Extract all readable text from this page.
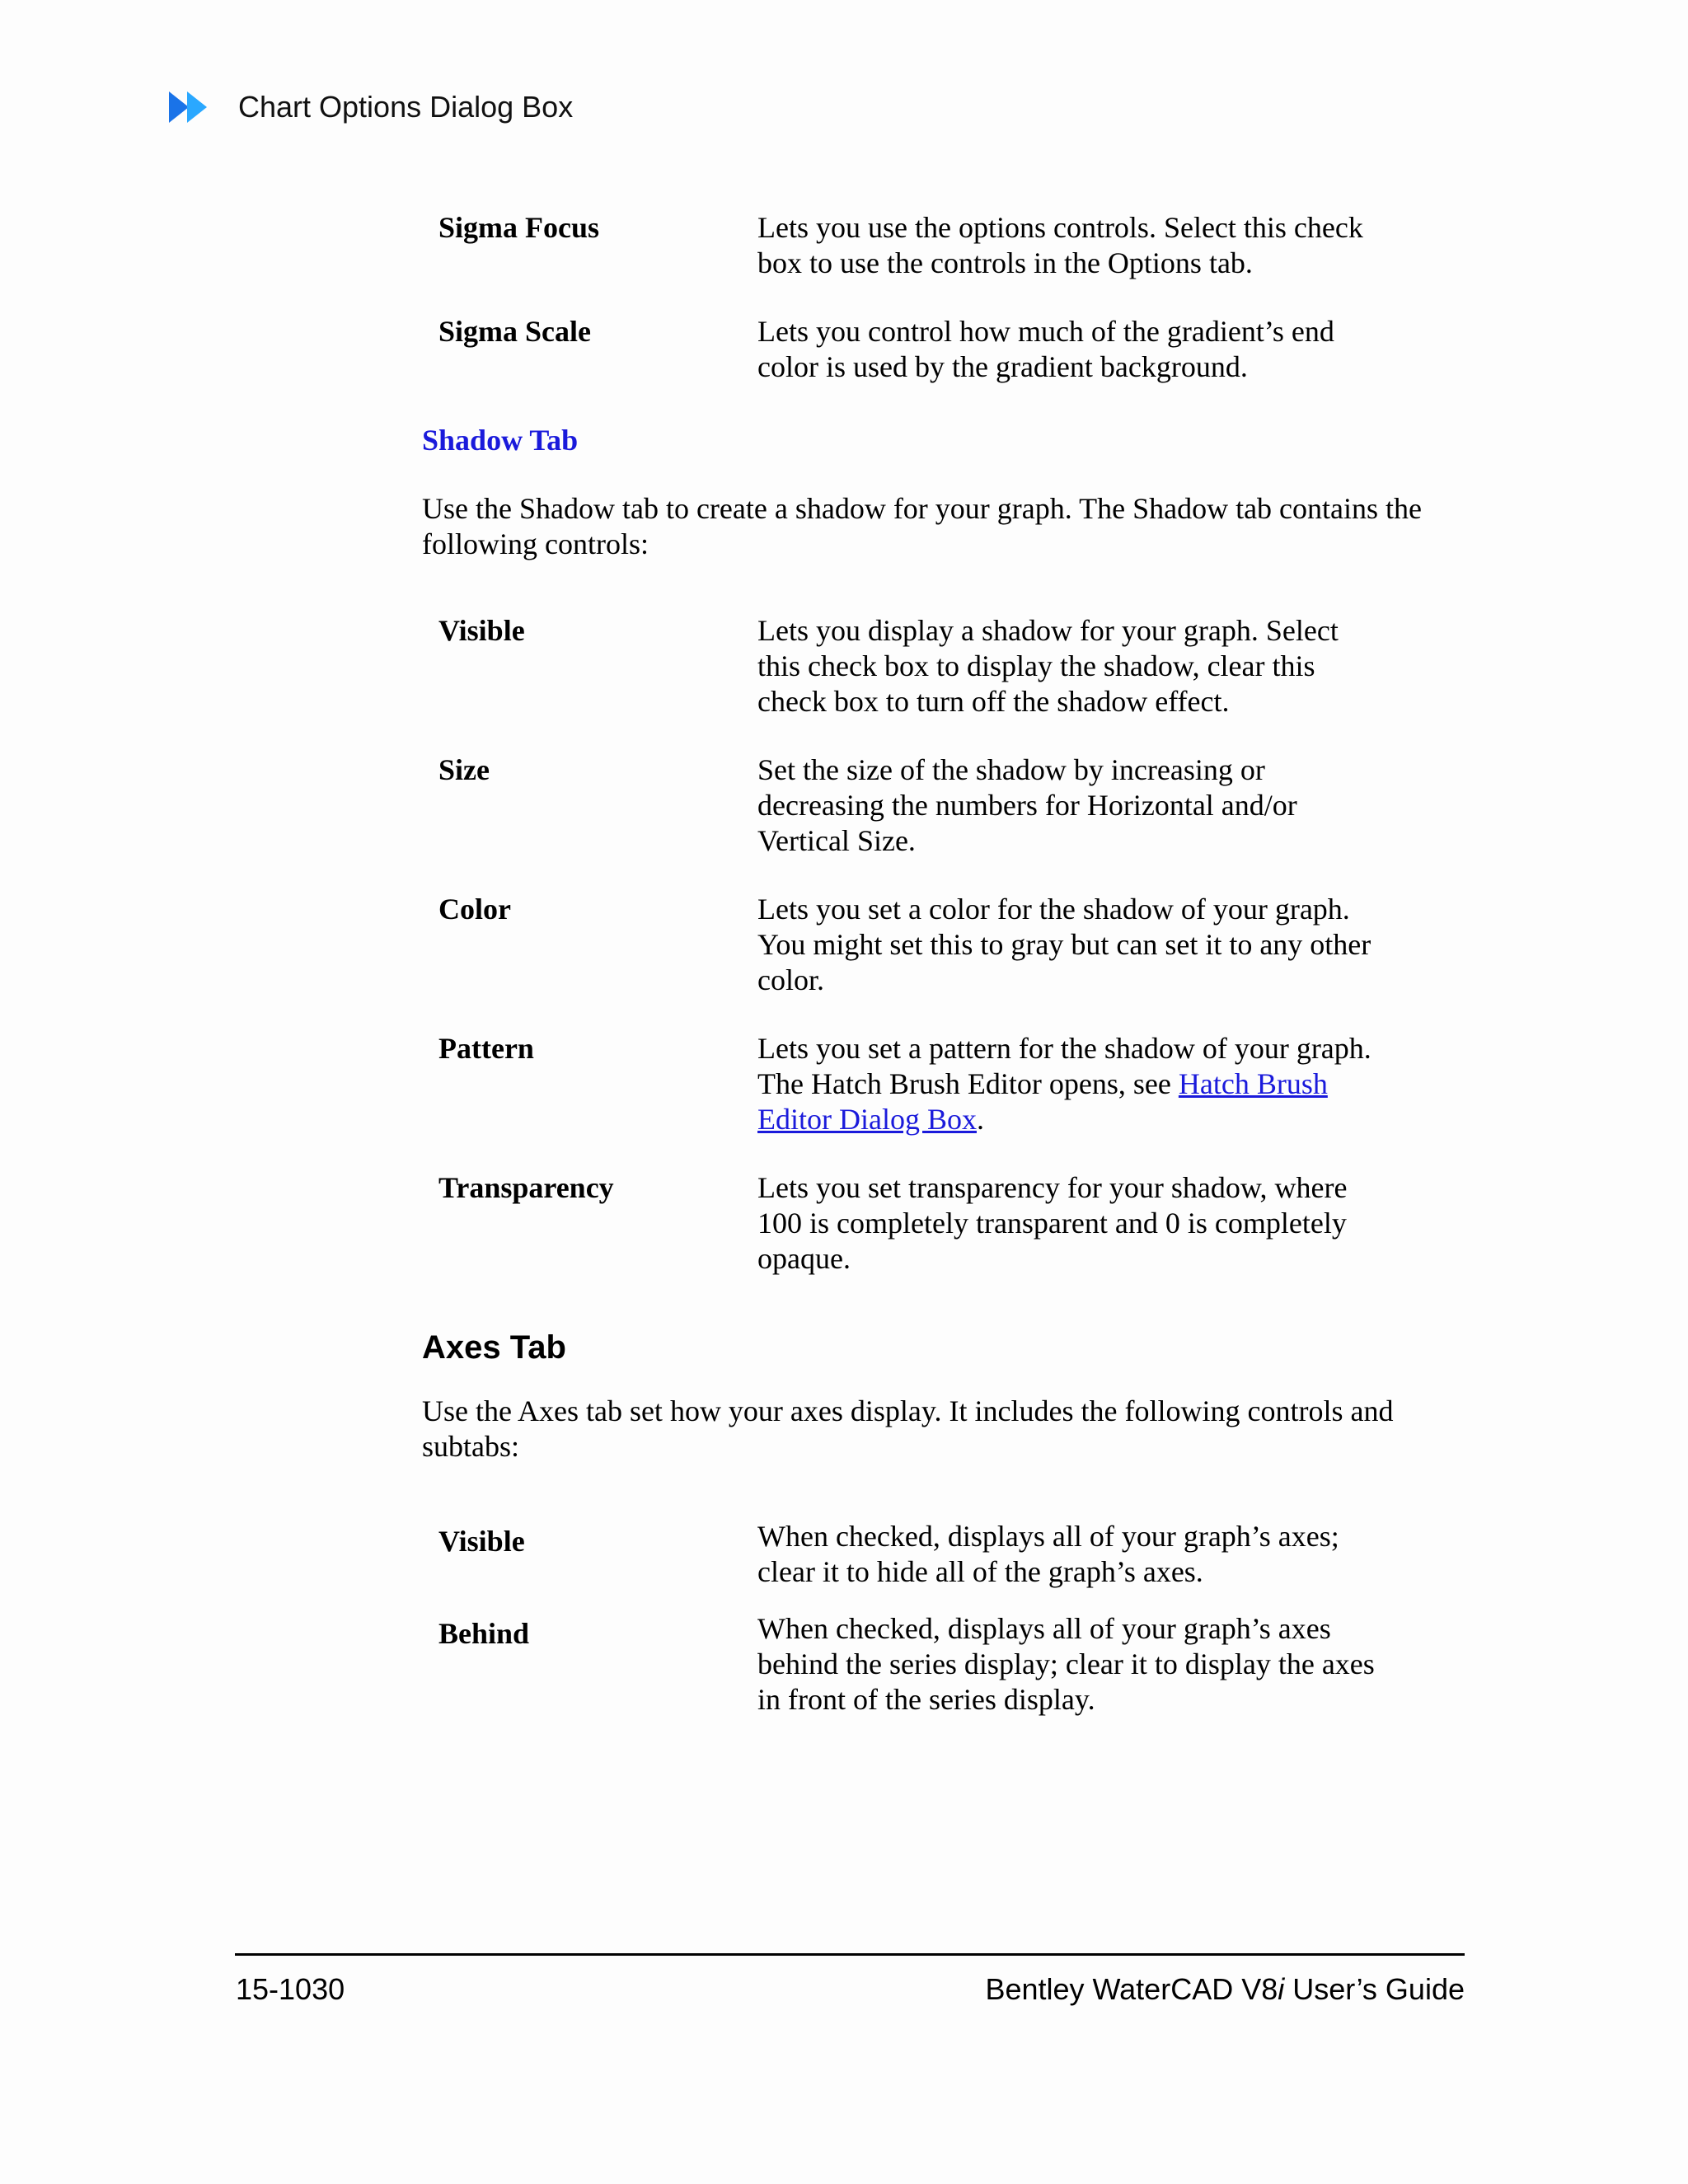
Chart Options Dialog Box
Sigma Focus	Lets you use the options controls. Select this check box to use the controls in the Options tab.
Sigma Scale	Lets you control how much of the gradient’s end color is used by the gradient background.
Shadow Tab
Use the Shadow tab to create a shadow for your graph. The Shadow tab contains the following controls:
Visible	Lets you display a shadow for your graph. Select this check box to display the shadow, clear this check box to turn off the shadow effect.
Size	Set the size of the shadow by increasing or decreasing the numbers for Horizontal and/or Vertical Size.
Color	Lets you set a color for the shadow of your graph. You might set this to gray but can set it to any other color.
Pattern	Lets you set a pattern for the shadow of your graph. The Hatch Brush Editor opens, see Hatch Brush Editor Dialog Box.
Transparency	Lets you set transparency for your shadow, where 100 is completely transparent and 0 is completely opaque.
Axes Tab
Use the Axes tab set how your axes display. It includes the following controls and subtabs:
Visible	When checked, displays all of your graph’s axes; clear it to hide all of the graph’s axes.
Behind	When checked, displays all of your graph’s axes behind the series display; clear it to display the axes in front of the series display.
15-1030	Bentley WaterCAD V8i User’s Guide
